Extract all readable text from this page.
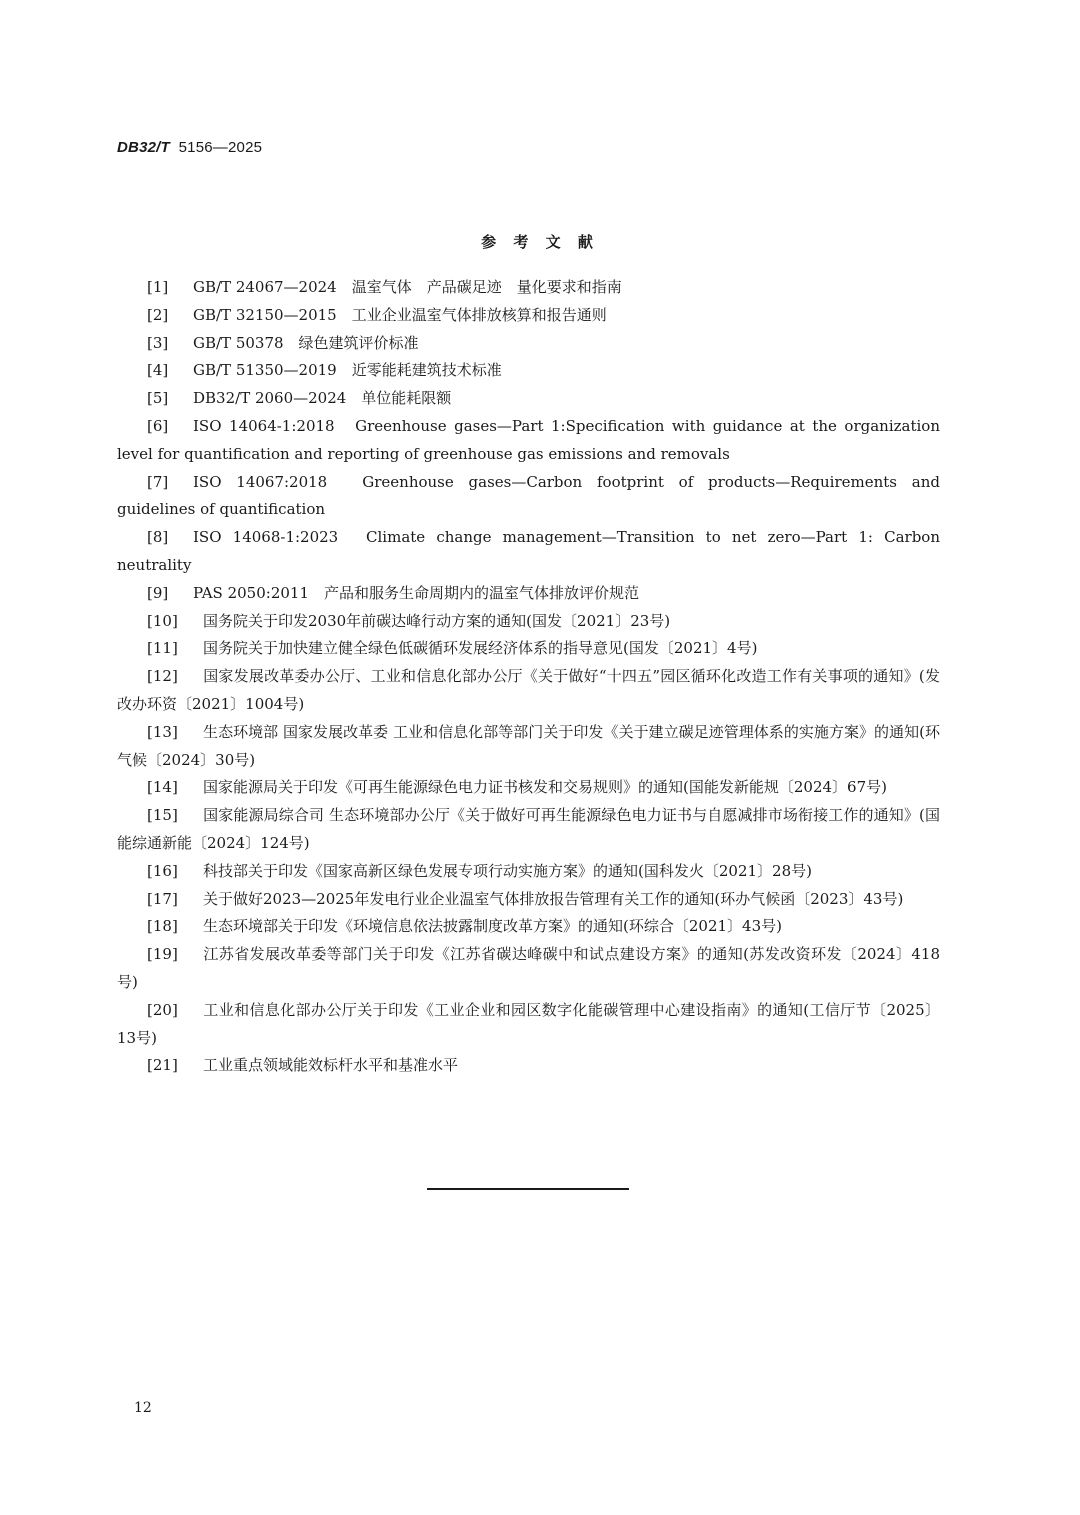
DB32/T 5156—2025
参 考 文 献

[1] GB/T 24067—2024　温室气体　产品碳足迹　量化要求和指南

[2] GB/T 32150—2015　工业企业温室气体排放核算和报告通则

[3] GB/T 50378　绿色建筑评价标准

[4] GB/T 51350—2019　近零能耗建筑技术标准

[5] DB32/T 2060—2024　单位能耗限额

[6] ISO 14064-1:2018　Greenhouse gases—Part 1:Specification with guidance at the organization level for quantification and reporting of greenhouse gas emissions and removals

[7] ISO 14067:2018　Greenhouse gases—Carbon footprint of products—Requirements and guidelines of quantification

[8] ISO 14068-1:2023　Climate change management—Transition to net zero—Part 1: Carbon neutrality

[9] PAS 2050:2011　产品和服务生命周期内的温室气体排放评价规范

[10] 国务院关于印发2030年前碳达峰行动方案的通知(国发〔2021〕23号)

[11] 国务院关于加快建立健全绿色低碳循环发展经济体系的指导意见(国发〔2021〕4号)

[12] 国家发展改革委办公厅、工业和信息化部办公厅《关于做好“十四五”园区循环化改造工作有关事项的通知》(发改办环资〔2021〕1004号)

[13] 生态环境部 国家发展改革委 工业和信息化部等部门关于印发《关于建立碳足迹管理体系的实施方案》的通知(环气候〔2024〕30号)

[14] 国家能源局关于印发《可再生能源绿色电力证书核发和交易规则》的通知(国能发新能规〔2024〕67号)

[15] 国家能源局综合司 生态环境部办公厅《关于做好可再生能源绿色电力证书与自愿减排市场衔接工作的通知》(国能综通新能〔2024〕124号)

[16] 科技部关于印发《国家高新区绿色发展专项行动实施方案》的通知(国科发火〔2021〕28号)

[17] 关于做好2023—2025年发电行业企业温室气体排放报告管理有关工作的通知(环办气候函〔2023〕43号)

[18] 生态环境部关于印发《环境信息依法披露制度改革方案》的通知(环综合〔2021〕43号)

[19] 江苏省发展改革委等部门关于印发《江苏省碳达峰碳中和试点建设方案》的通知(苏发改资环发〔2024〕418号)

[20] 工业和信息化部办公厅关于印发《工业企业和园区数字化能碳管理中心建设指南》的通知(工信厅节〔2025〕13号)

[21] 工业重点领域能效标杆水平和基准水平

12
